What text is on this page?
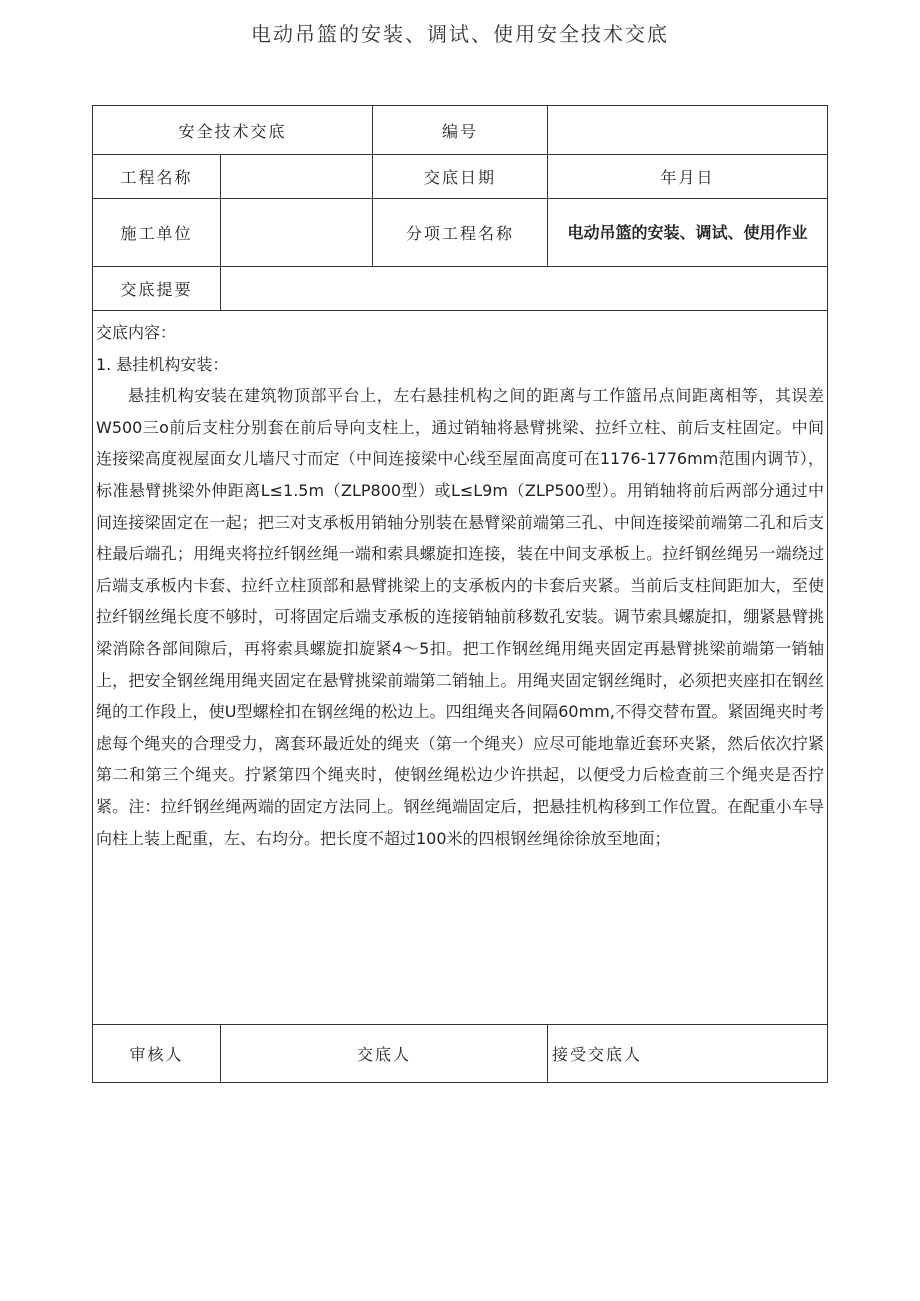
电动吊篮的安装、调试、使用安全技术交底
安全技术交底		编号	
工程名称		交底日期	年月日
施工单位		分项工程名称	电动吊篮的安装、调试、使用作业
交底提要			

交底内容：

1. 悬挂机构安装：

悬挂机构安装在建筑物顶部平台上，左右悬挂机构之间的距离与工作篮吊点间距离相等，其误差W500三o前后支柱分别套在前后导向支柱上，通过销轴将悬臂挑梁、拉纤立柱、前后支柱固定。中间连接梁高度视屋面女儿墙尺寸而定（中间连接梁中心线至屋面高度可在1176-1776mm范围内调节），标准悬臂挑梁外伸距离L≤1.5m（ZLP800型）或L≤L9m（ZLP500型）。用销轴将前后两部分通过中间连接梁固定在一起；把三对支承板用销轴分别装在悬臂梁前端第三孔、中间连接梁前端第二孔和后支柱最后端孔；用绳夹将拉纤钢丝绳一端和索具螺旋扣连接，装在中间支承板上。拉纤钢丝绳另一端绕过后端支承板内卡套、拉纤立柱顶部和悬臂挑梁上的支承板内的卡套后夹紧。当前后支柱间距加大，至使拉纤钢丝绳长度不够时，可将固定后端支承板的连接销轴前移数孔安装。调节索具螺旋扣，绷紧悬臂挑梁消除各部间隙后，再将索具螺旋扣旋紧4～5扣。把工作钢丝绳用绳夹固定再悬臂挑梁前端第一销轴上，把安全钢丝绳用绳夹固定在悬臂挑梁前端第二销轴上。用绳夹固定钢丝绳时，必须把夹座扣在钢丝绳的工作段上，使U型螺栓扣在钢丝绳的松边上。四组绳夹各间隔60mm,不得交替布置。紧固绳夹时考虑每个绳夹的合理受力，离套环最近处的绳夹（第一个绳夹）应尽可能地靠近套环夹紧，然后依次拧紧第二和第三个绳夹。拧紧第四个绳夹时，使钢丝绳松边少许拱起，以便受力后检查前三个绳夹是否拧紧。注：拉纤钢丝绳两端的固定方法同上。钢丝绳端固定后，把悬挂机构移到工作位置。在配重小车导向柱上装上配重，左、右均分。把长度不超过100米的四根钢丝绳徐徐放至地面；			

审核人	交底人		接受交底人
